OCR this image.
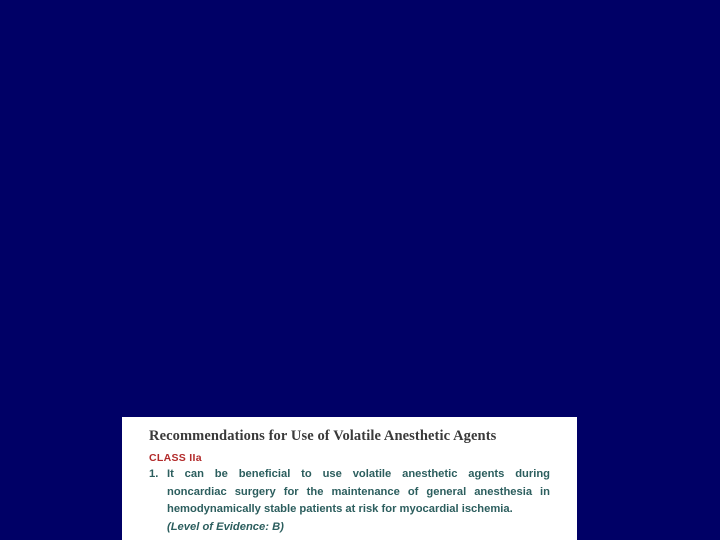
Recommendations for Use of Volatile Anesthetic Agents
CLASS IIa
1. It can be beneficial to use volatile anesthetic agents during
noncardiac surgery for the maintenance of general anesthesia in
hemodynamically stable patients at risk for myocardial ischemia.
(Level of Evidence: B)
